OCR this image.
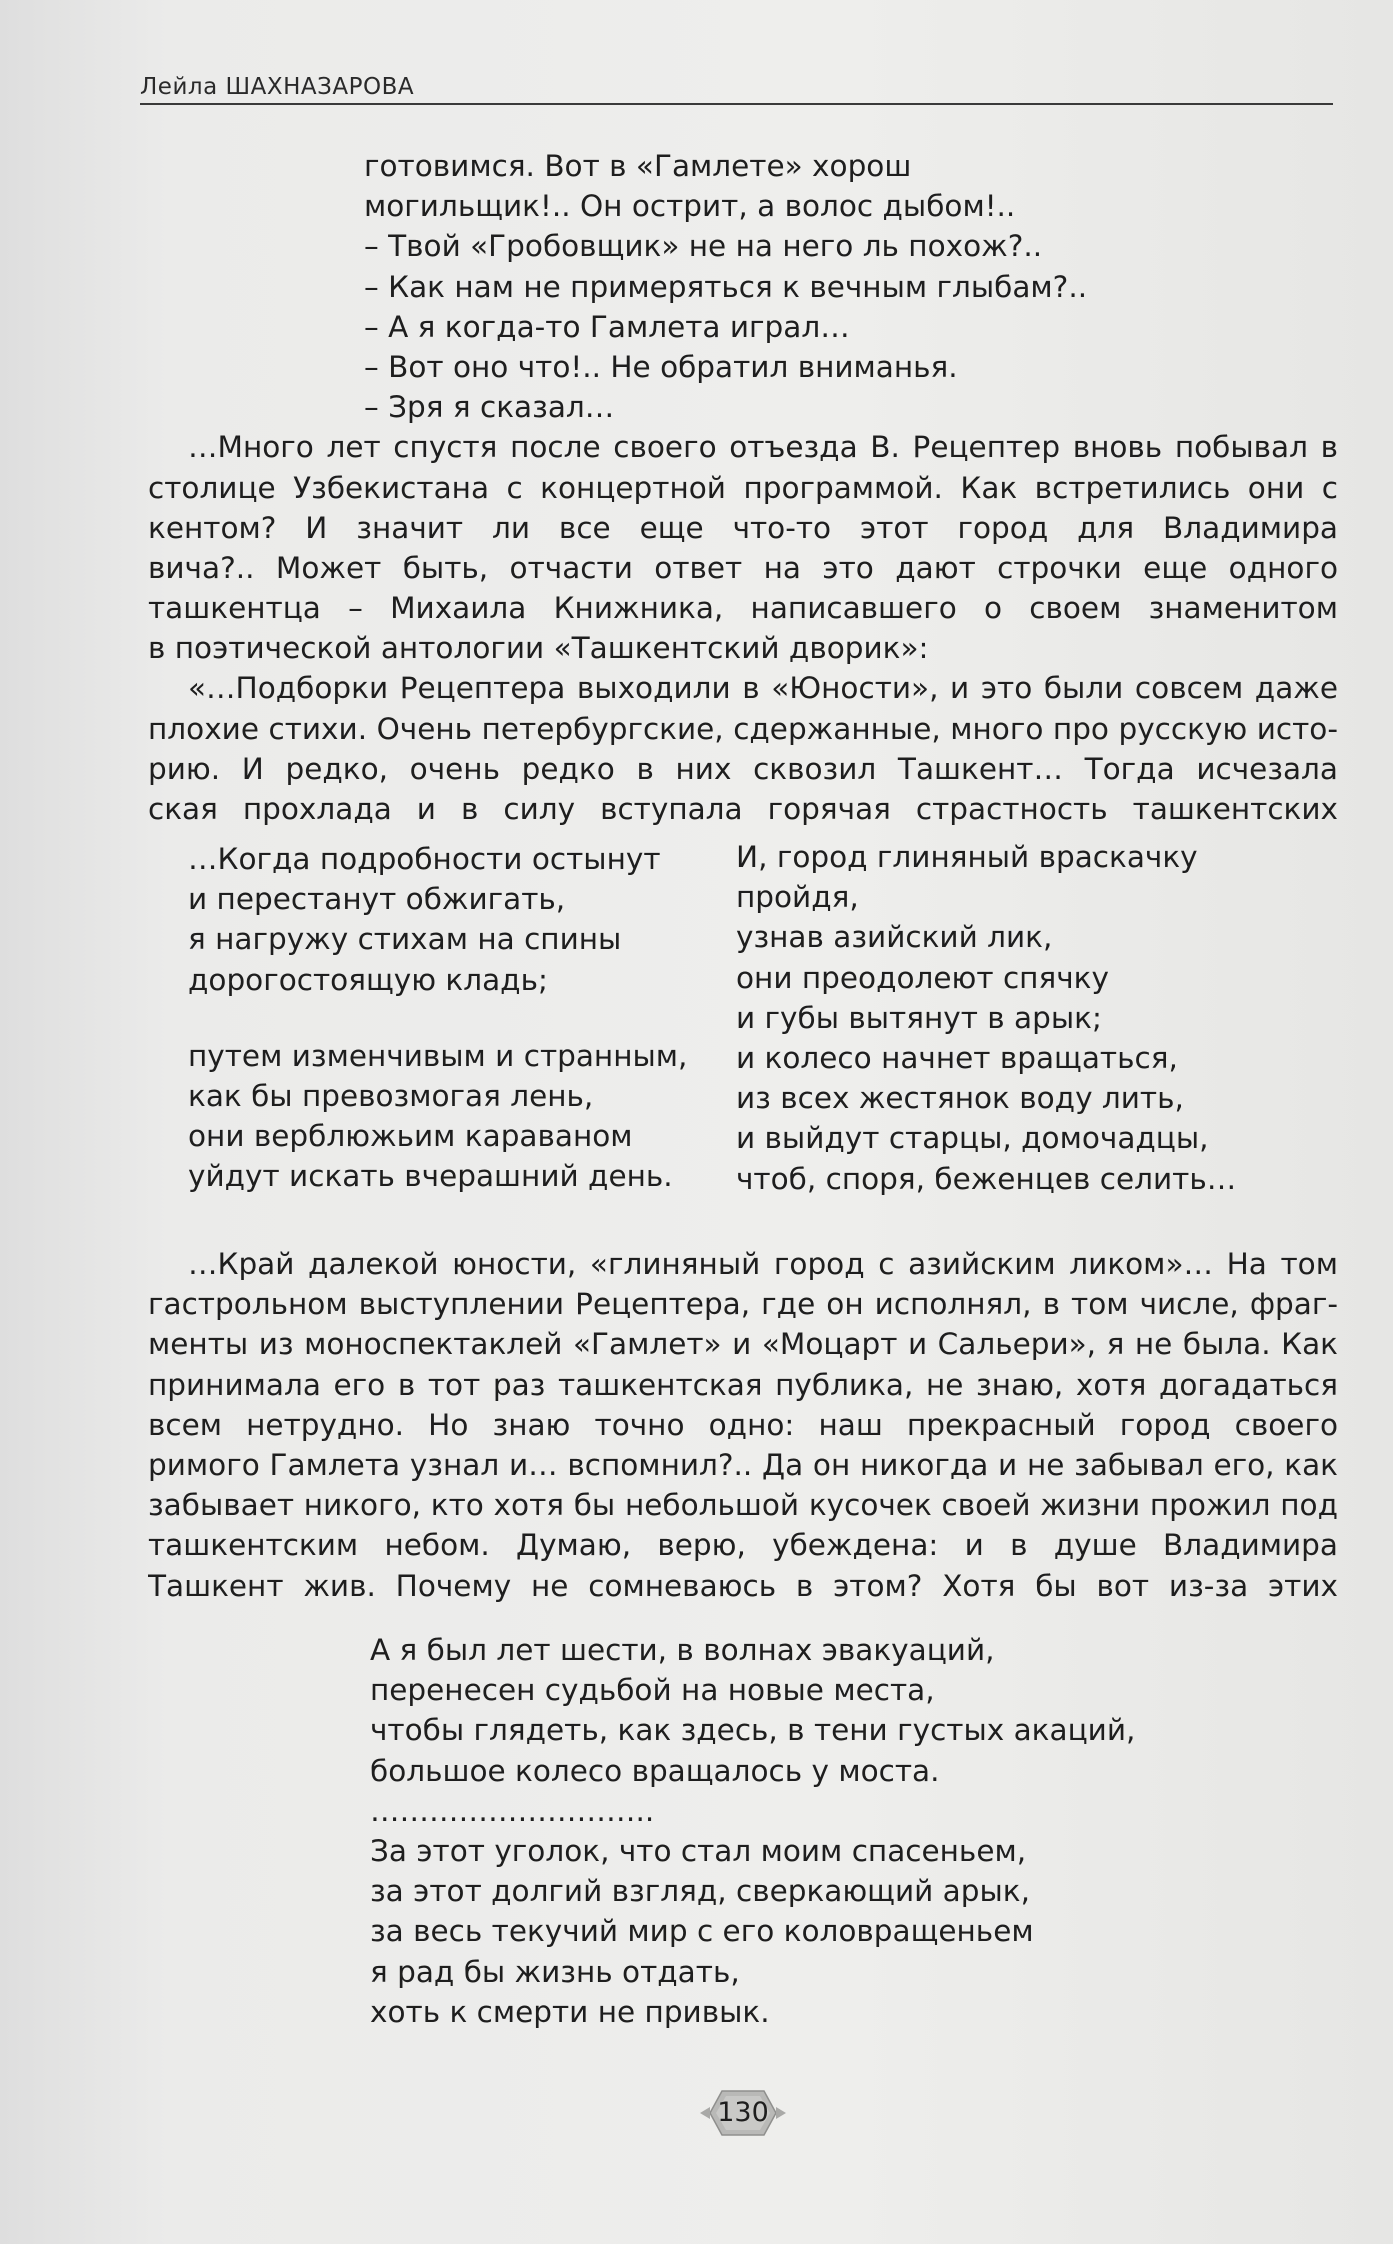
Лейла ШАХНАЗАРОВА
готовимся. Вот в «Гамлете» хорош
могильщик!.. Он острит, а волос дыбом!..
– Твой «Гробовщик» не на него ль похож?..
– Как нам не примеряться к вечным глыбам?..
– А я когда-то Гамлета играл…
– Вот оно что!.. Не обратил вниманья.
– Зря я сказал…
…Много лет спустя после своего отъезда В. Рецептер вновь побывал в
столице Узбекистана с концертной программой. Как встретились они с
кентом? И значит ли все еще что-то этот город для Владимира
вича?.. Может быть, отчасти ответ на это дают строчки еще одного
ташкентца – Михаила Книжника, написавшего о своем знаменитом
в поэтической антологии «Ташкентский дворик»:
«…Подборки Рецептера выходили в «Юности», и это были совсем даже
плохие стихи. Очень петербургские, сдержанные, много про русскую исто-
рию. И редко, очень редко в них сквозил Ташкент… Тогда исчезала
ская прохлада и в силу вступала горячая страстность ташкентских
…Когда подробности остынут
и перестанут обжигать,
я нагружу стихам на спины
дорогостоящую кладь;
путем изменчивым и странным,
как бы превозмогая лень,
они верблюжьим караваном
уйдут искать вчерашний день.
И, город глиняный враскачку
пройдя,
узнав азийский лик,
они преодолеют спячку
и губы вытянут в арык;
и колесо начнет вращаться,
из всех жестянок воду лить,
и выйдут старцы, домочадцы,
чтоб, споря, беженцев селить…
…Край далекой юности, «глиняный город с азийским ликом»… На том
гастрольном выступлении Рецептера, где он исполнял, в том числе, фраг-
менты из моноспектаклей «Гамлет» и «Моцарт и Сальери», я не была. Как
принимала его в тот раз ташкентская публика, не знаю, хотя догадаться
всем нетрудно. Но знаю точно одно: наш прекрасный город своего
римого Гамлета узнал и… вспомнил?.. Да он никогда и не забывал его, как
забывает никого, кто хотя бы небольшой кусочек своей жизни прожил под
ташкентским небом. Думаю, верю, убеждена: и в душе Владимира
Ташкент жив. Почему не сомневаюсь в этом? Хотя бы вот из-за этих
А я был лет шести, в волнах эвакуаций,
перенесен судьбой на новые места,
чтобы глядеть, как здесь, в тени густых акаций,
большое колесо вращалось у моста.
………………………..
За этот уголок, что стал моим спасеньем,
за этот долгий взгляд, сверкающий арык,
за весь текучий мир с его коловращеньем
я рад бы жизнь отдать,
хоть к смерти не привык.
130
